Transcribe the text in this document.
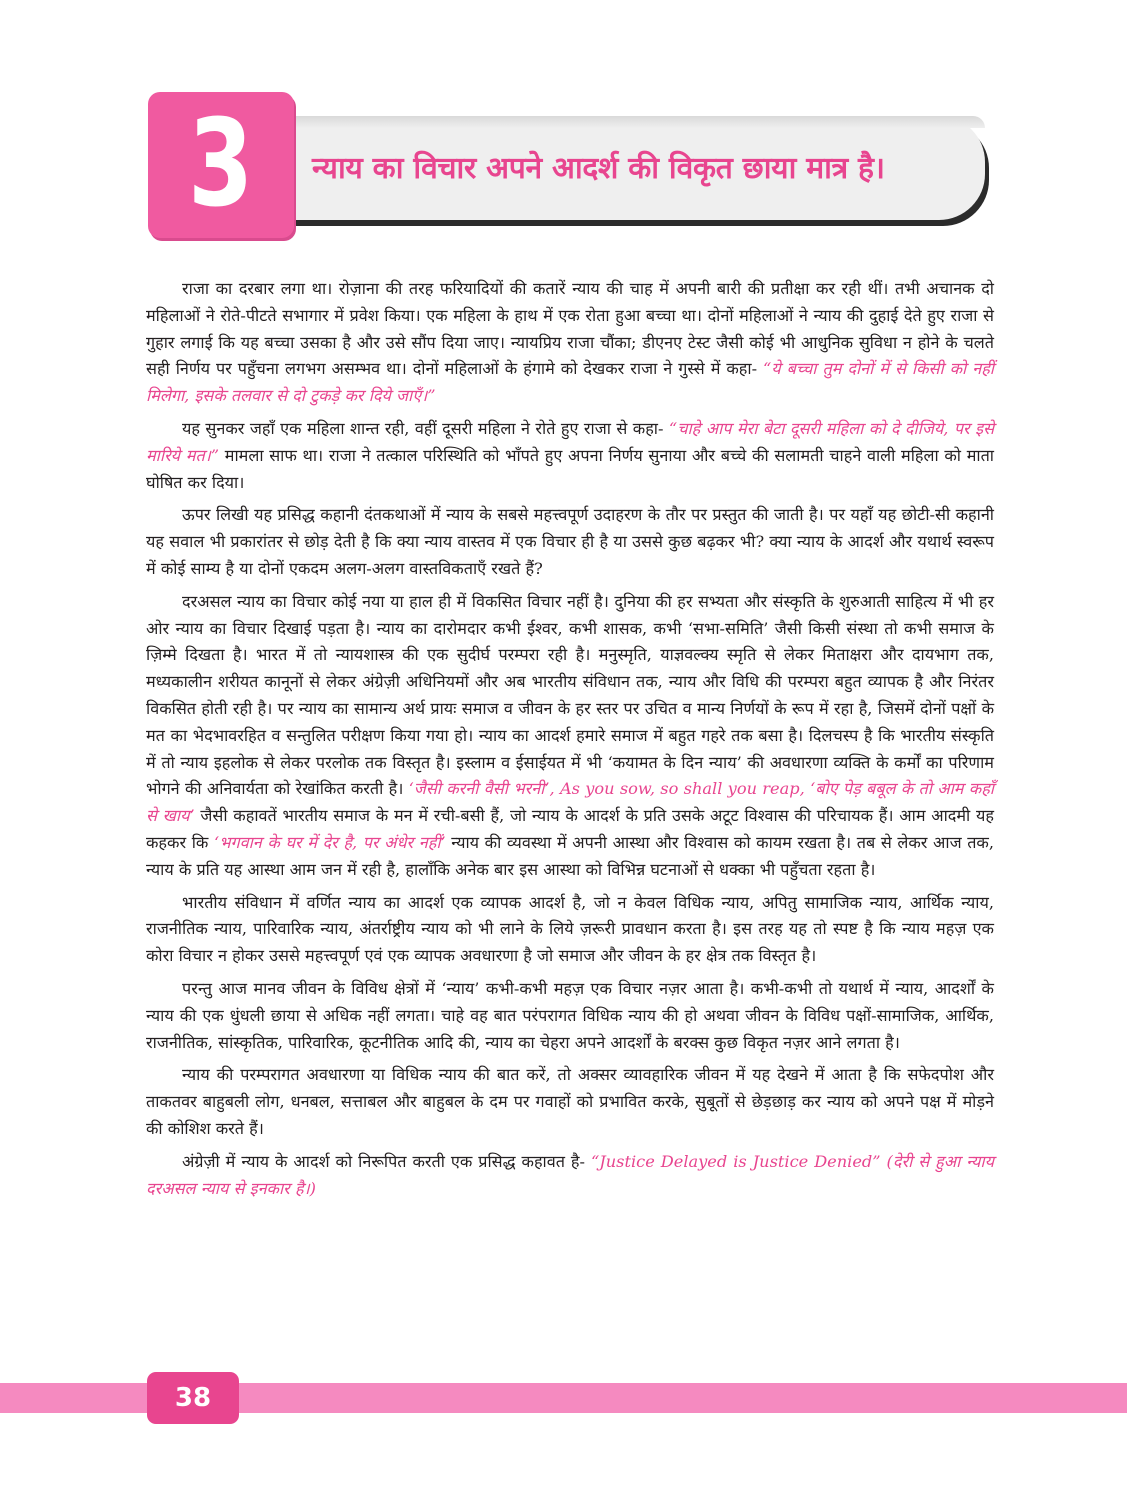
3 न्याय का विचार अपने आदर्श की विकृत छाया मात्र है।

राजा का दरबार लगा था। रोज़ाना की तरह फरियादियों की कतारें न्याय की चाह में अपनी बारी की प्रतीक्षा कर रही थीं। तभी अचानक दो महिलाओं ने रोते-पीटते सभागार में प्रवेश किया। एक महिला के हाथ में एक रोता हुआ बच्चा था। दोनों महिलाओं ने न्याय की दुहाई देते हुए राजा से गुहार लगाई कि यह बच्चा उसका है और उसे सौंप दिया जाए। न्यायप्रिय राजा चौंका; डीएनए टेस्ट जैसी कोई भी आधुनिक सुविधा न होने के चलते सही निर्णय पर पहुँचना लगभग असम्भव था। दोनों महिलाओं के हंगामे को देखकर राजा ने गुस्से में कहा- “ये बच्चा तुम दोनों में से किसी को नहीं मिलेगा, इसके तलवार से दो टुकड़े कर दिये जाएँ।”

यह सुनकर जहाँ एक महिला शान्त रही, वहीं दूसरी महिला ने रोते हुए राजा से कहा- “चाहे आप मेरा बेटा दूसरी महिला को दे दीजिये, पर इसे मारिये मत।” मामला साफ था। राजा ने तत्काल परिस्थिति को भाँपते हुए अपना निर्णय सुनाया और बच्चे की सलामती चाहने वाली महिला को माता घोषित कर दिया।

ऊपर लिखी यह प्रसिद्ध कहानी दंतकथाओं में न्याय के सबसे महत्त्वपूर्ण उदाहरण के तौर पर प्रस्तुत की जाती है। पर यहाँ यह छोटी-सी कहानी यह सवाल भी प्रकारांतर से छोड़ देती है कि क्या न्याय वास्तव में एक विचार ही है या उससे कुछ बढ़कर भी? क्या न्याय के आदर्श और यथार्थ स्वरूप में कोई साम्य है या दोनों एकदम अलग-अलग वास्तविकताएँ रखते हैं?

दरअसल न्याय का विचार कोई नया या हाल ही में विकसित विचार नहीं है। दुनिया की हर सभ्यता और संस्कृति के शुरुआती साहित्य में भी हर ओर न्याय का विचार दिखाई पड़ता है। न्याय का दारोमदार कभी ईश्वर, कभी शासक, कभी ‘सभा-समिति’ जैसी किसी संस्था तो कभी समाज के ज़िम्मे दिखता है। भारत में तो न्यायशास्त्र की एक सुदीर्घ परम्परा रही है। मनुस्मृति, याज्ञवल्क्य स्मृति से लेकर मिताक्षरा और दायभाग तक, मध्यकालीन शरीयत कानूनों से लेकर अंग्रेज़ी अधिनियमों और अब भारतीय संविधान तक, न्याय और विधि की परम्परा बहुत व्यापक है और निरंतर विकसित होती रही है। पर न्याय का सामान्य अर्थ प्रायः समाज व जीवन के हर स्तर पर उचित व मान्य निर्णयों के रूप में रहा है, जिसमें दोनों पक्षों के मत का भेदभावरहित व सन्तुलित परीक्षण किया गया हो। न्याय का आदर्श हमारे समाज में बहुत गहरे तक बसा है। दिलचस्प है कि भारतीय संस्कृति में तो न्याय इहलोक से लेकर परलोक तक विस्तृत है। इस्लाम व ईसाईयत में भी ‘कयामत के दिन न्याय’ की अवधारणा व्यक्ति के कर्मों का परिणाम भोगने की अनिवार्यता को रेखांकित करती है। ‘जैसी करनी वैसी भरनी’, As you sow, so shall you reap, ‘बोए पेड़ बबूल के तो आम कहाँ से खाय’ जैसी कहावतें भारतीय समाज के मन में रची-बसी हैं, जो न्याय के आदर्श के प्रति उसके अटूट विश्वास की परिचायक हैं। आम आदमी यह कहकर कि ‘भगवान के घर में देर है, पर अंधेर नहीं’ न्याय की व्यवस्था में अपनी आस्था और विश्वास को कायम रखता है। तब से लेकर आज तक, न्याय के प्रति यह आस्था आम जन में रही है, हालाँकि अनेक बार इस आस्था को विभिन्न घटनाओं से धक्का भी पहुँचता रहता है।

भारतीय संविधान में वर्णित न्याय का आदर्श एक व्यापक आदर्श है, जो न केवल विधिक न्याय, अपितु सामाजिक न्याय, आर्थिक न्याय, राजनीतिक न्याय, पारिवारिक न्याय, अंतर्राष्ट्रीय न्याय को भी लाने के लिये ज़रूरी प्रावधान करता है। इस तरह यह तो स्पष्ट है कि न्याय महज़ एक कोरा विचार न होकर उससे महत्त्वपूर्ण एवं एक व्यापक अवधारणा है जो समाज और जीवन के हर क्षेत्र तक विस्तृत है।

परन्तु आज मानव जीवन के विविध क्षेत्रों में ‘न्याय’ कभी-कभी महज़ एक विचार नज़र आता है। कभी-कभी तो यथार्थ में न्याय, आदर्शों के न्याय की एक धुंधली छाया से अधिक नहीं लगता। चाहे वह बात परंपरागत विधिक न्याय की हो अथवा जीवन के विविध पक्षों-सामाजिक, आर्थिक, राजनीतिक, सांस्कृतिक, पारिवारिक, कूटनीतिक आदि की, न्याय का चेहरा अपने आदर्शों के बरक्स कुछ विकृत नज़र आने लगता है।

न्याय की परम्परागत अवधारणा या विधिक न्याय की बात करें, तो अक्सर व्यावहारिक जीवन में यह देखने में आता है कि सफेदपोश और ताकतवर बाहुबली लोग, धनबल, सत्ताबल और बाहुबल के दम पर गवाहों को प्रभावित करके, सुबूतों से छेड़छाड़ कर न्याय को अपने पक्ष में मोड़ने की कोशिश करते हैं।

अंग्रेज़ी में न्याय के आदर्श को निरूपित करती एक प्रसिद्ध कहावत है- “Justice Delayed is Justice Denied” (देरी से हुआ न्याय दरअसल न्याय से इनकार है।)

38
